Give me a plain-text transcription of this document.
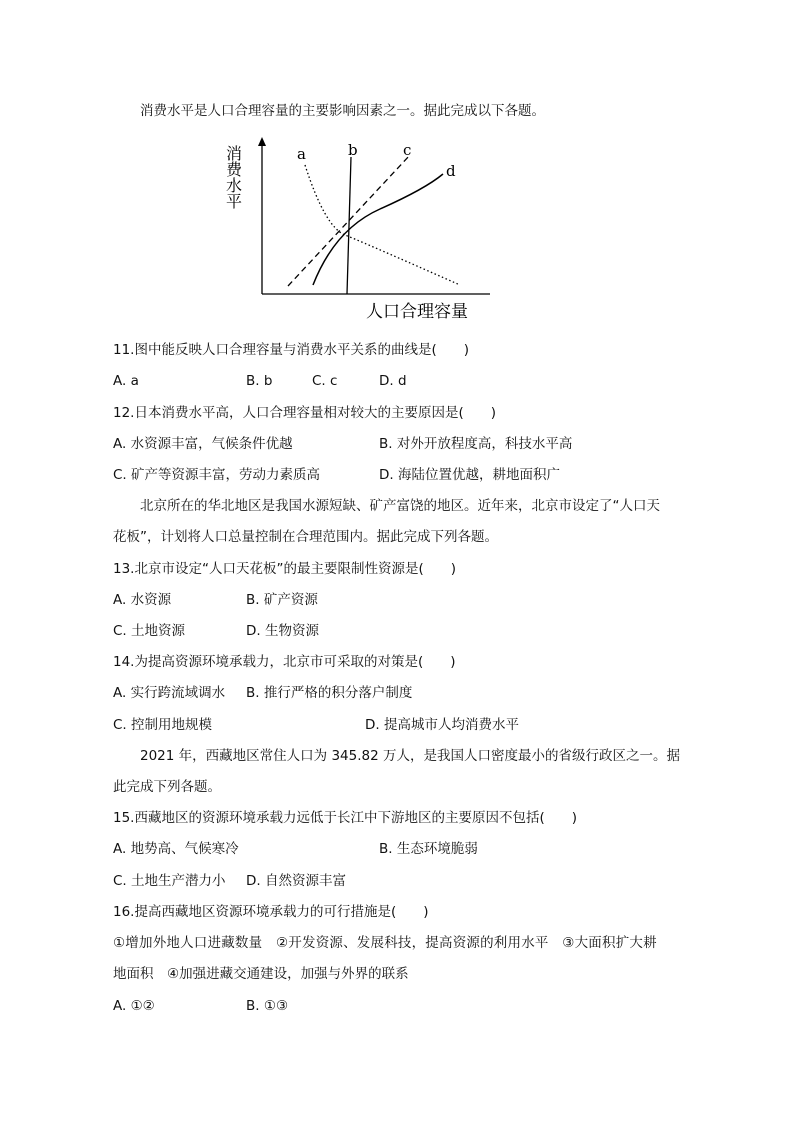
消费水平是人口合理容量的主要影响因素之一。据此完成以下各题。
a	b	c
d
消费水平
人口合理容量
11.图中能反映人口合理容量与消费水平关系的曲线是(　　)
A. a	B. b	C. c	D. d
12.日本消费水平高，人口合理容量相对较大的主要原因是(　　)
A. 水资源丰富，气候条件优越	B. 对外开放程度高，科技水平高
C. 矿产等资源丰富，劳动力素质高	D. 海陆位置优越，耕地面积广
北京所在的华北地区是我国水源短缺、矿产富饶的地区。近年来，北京市设定了“人口天
花板”，计划将人口总量控制在合理范围内。据此完成下列各题。
13.北京市设定“人口天花板”的最主要限制性资源是(　　)
A. 水资源	B. 矿产资源
C. 土地资源	D. 生物资源
14.为提高资源环境承载力，北京市可采取的对策是(　　)
A. 实行跨流域调水 B. 推行严格的积分落户制度
C. 控制用地规模	D. 提高城市人均消费水平
2021 年，西藏地区常住人口为 345.82 万人，是我国人口密度最小的省级行政区之一。据
此完成下列各题。
15.西藏地区的资源环境承载力远低于长江中下游地区的主要原因不包括(　　)
A. 地势高、气候寒冷	B. 生态环境脆弱
C. 土地生产潜力小 D. 自然资源丰富
16.提高西藏地区资源环境承载力的可行措施是(　　)
①增加外地人口进藏数量　②开发资源、发展科技，提高资源的利用水平　③大面积扩大耕
地面积　④加强进藏交通建设，加强与外界的联系
A. ①②	B. ①③
